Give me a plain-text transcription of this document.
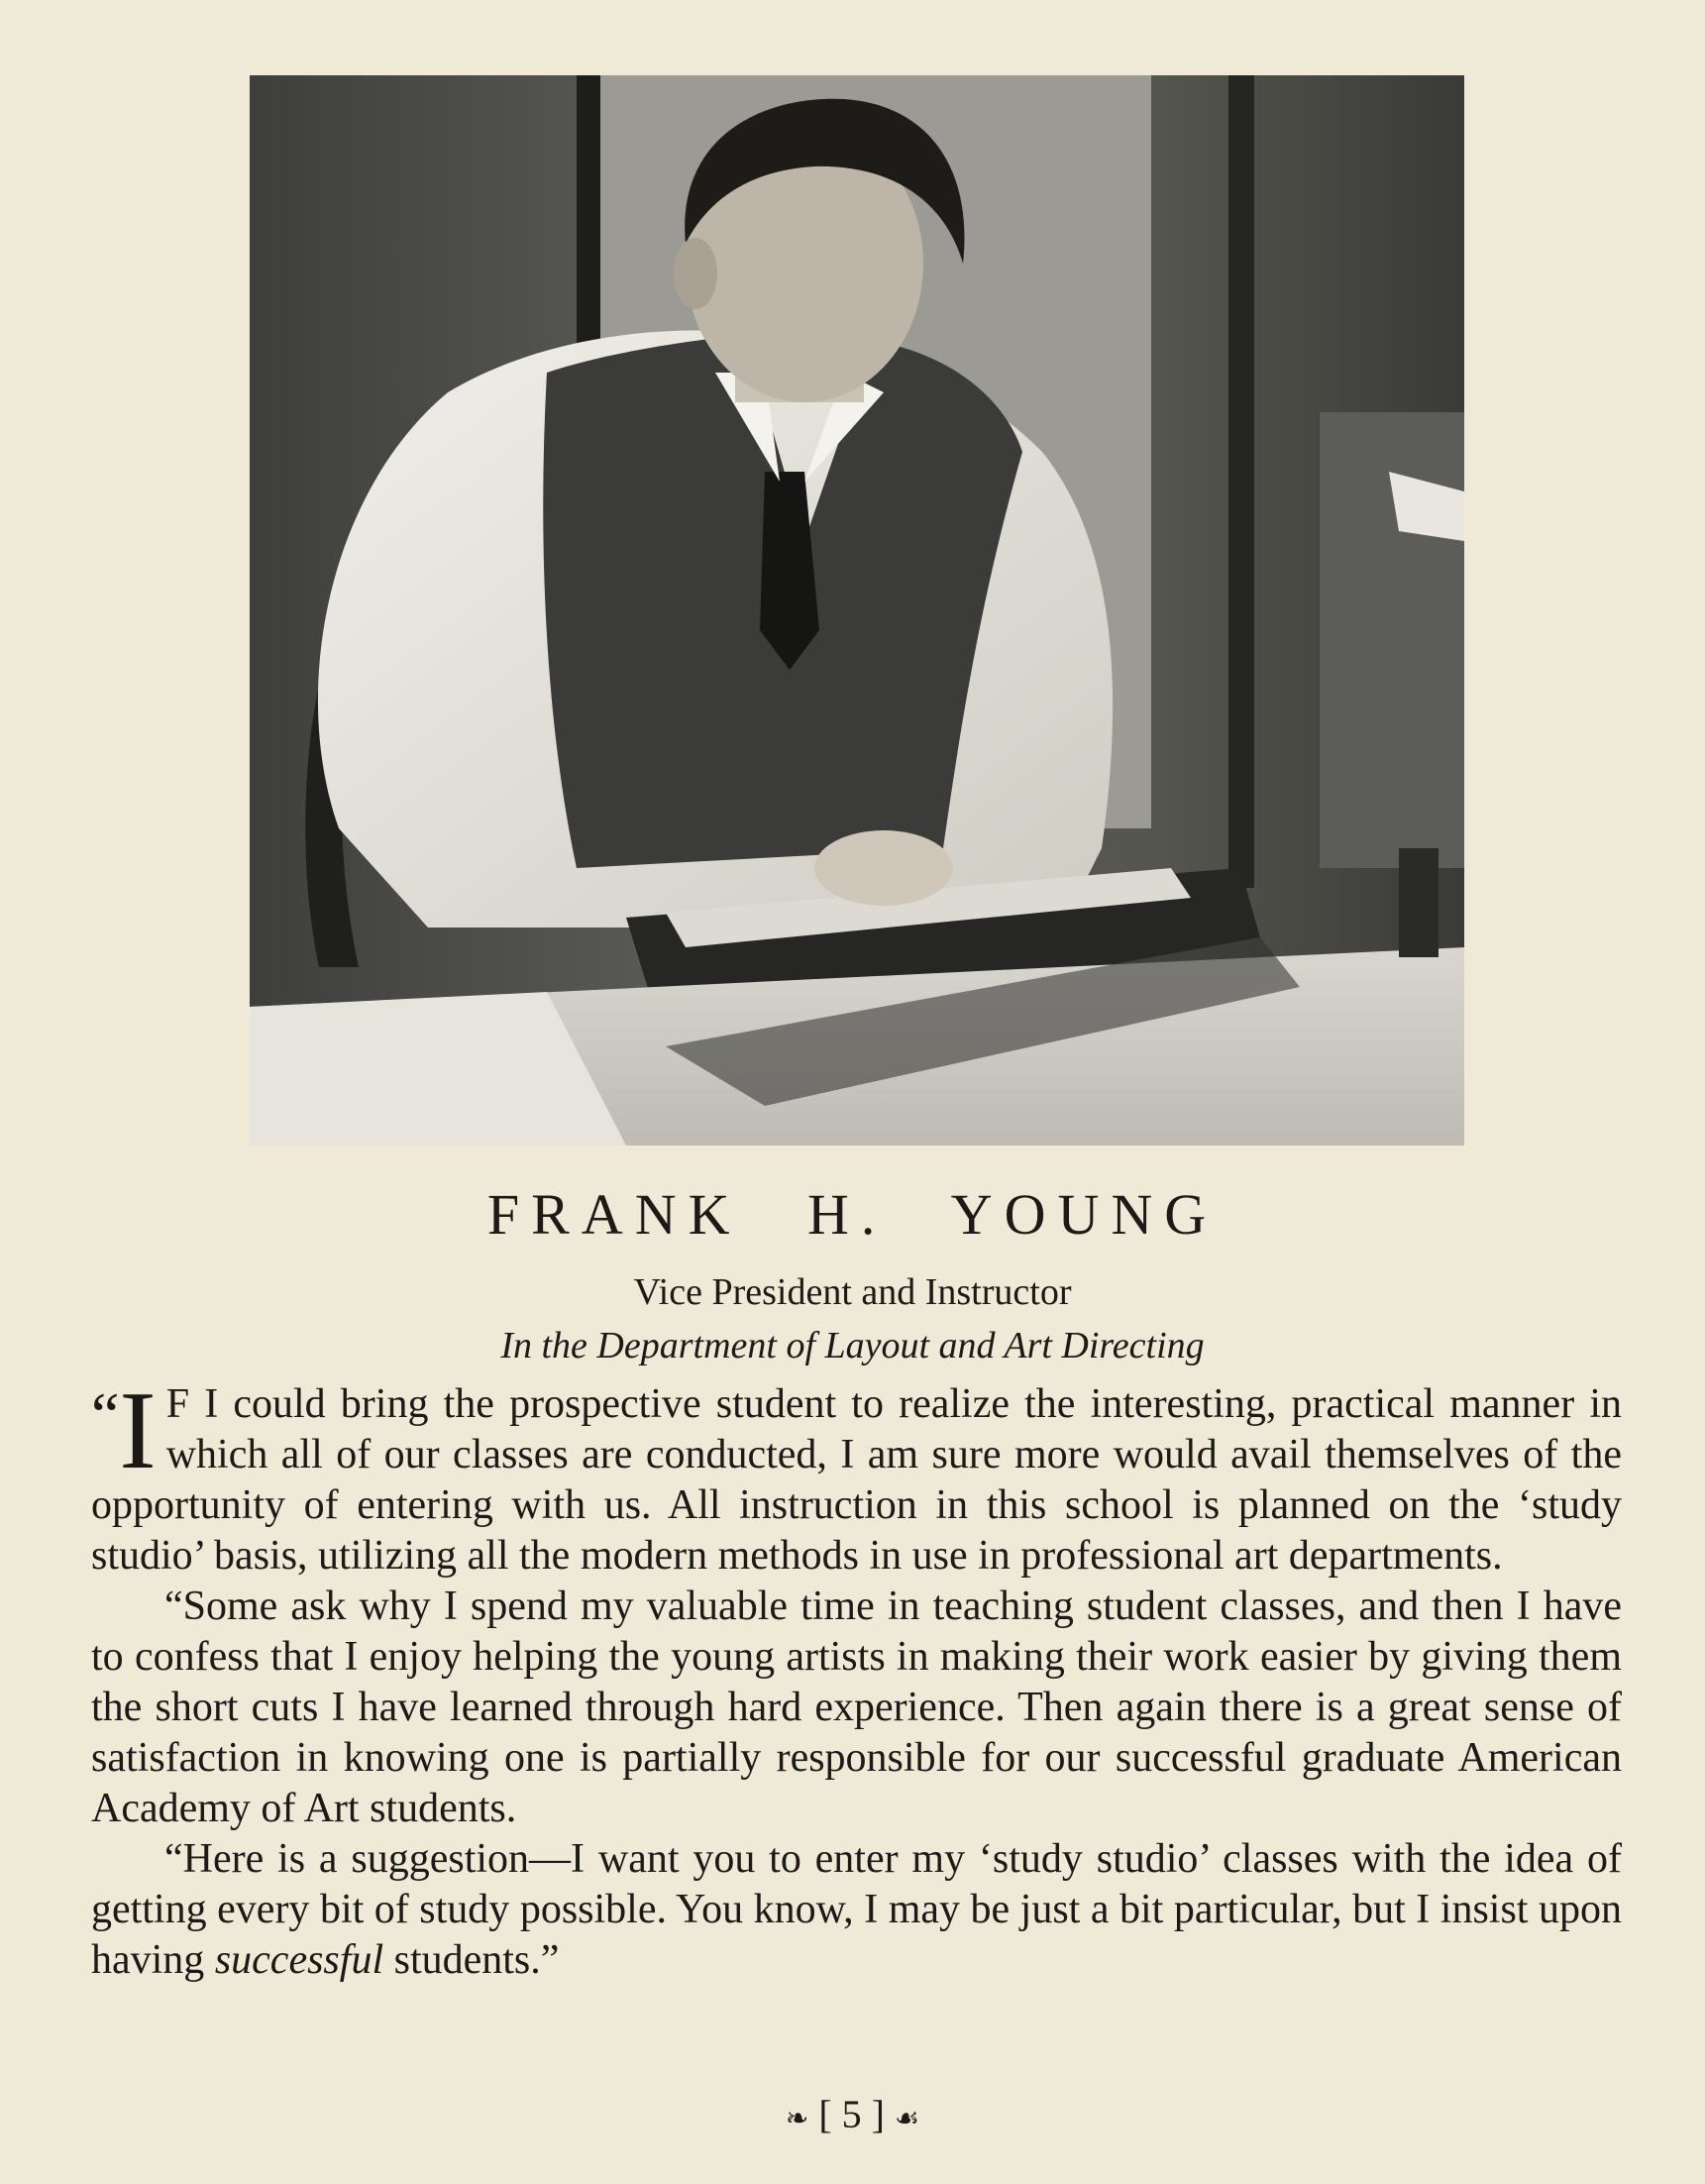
FRANK H. YOUNG

Vice President and Instructor

In the Department of Layout and Art Directing

“I F I could bring the prospective student to realize the interesting, practical manner in which all of our classes are conducted, I am sure more would avail themselves of the opportunity of entering with us. All instruction in this school is planned on the ‘study studio’ basis, utilizing all the modern methods in use in professional art departments.

“Some ask why I spend my valuable time in teaching student classes, and then I have to confess that I enjoy helping the young artists in making their work easier by giving them the short cuts I have learned through hard experience. Then again there is a great sense of satisfaction in knowing one is partially responsible for our successful graduate American Academy of Art students.

“Here is a suggestion—I want you to enter my ‘study studio’ classes with the idea of getting every bit of study possible. You know, I may be just a bit particular, but I insist upon having successful students.”

❧ [ 5 ] ☙
